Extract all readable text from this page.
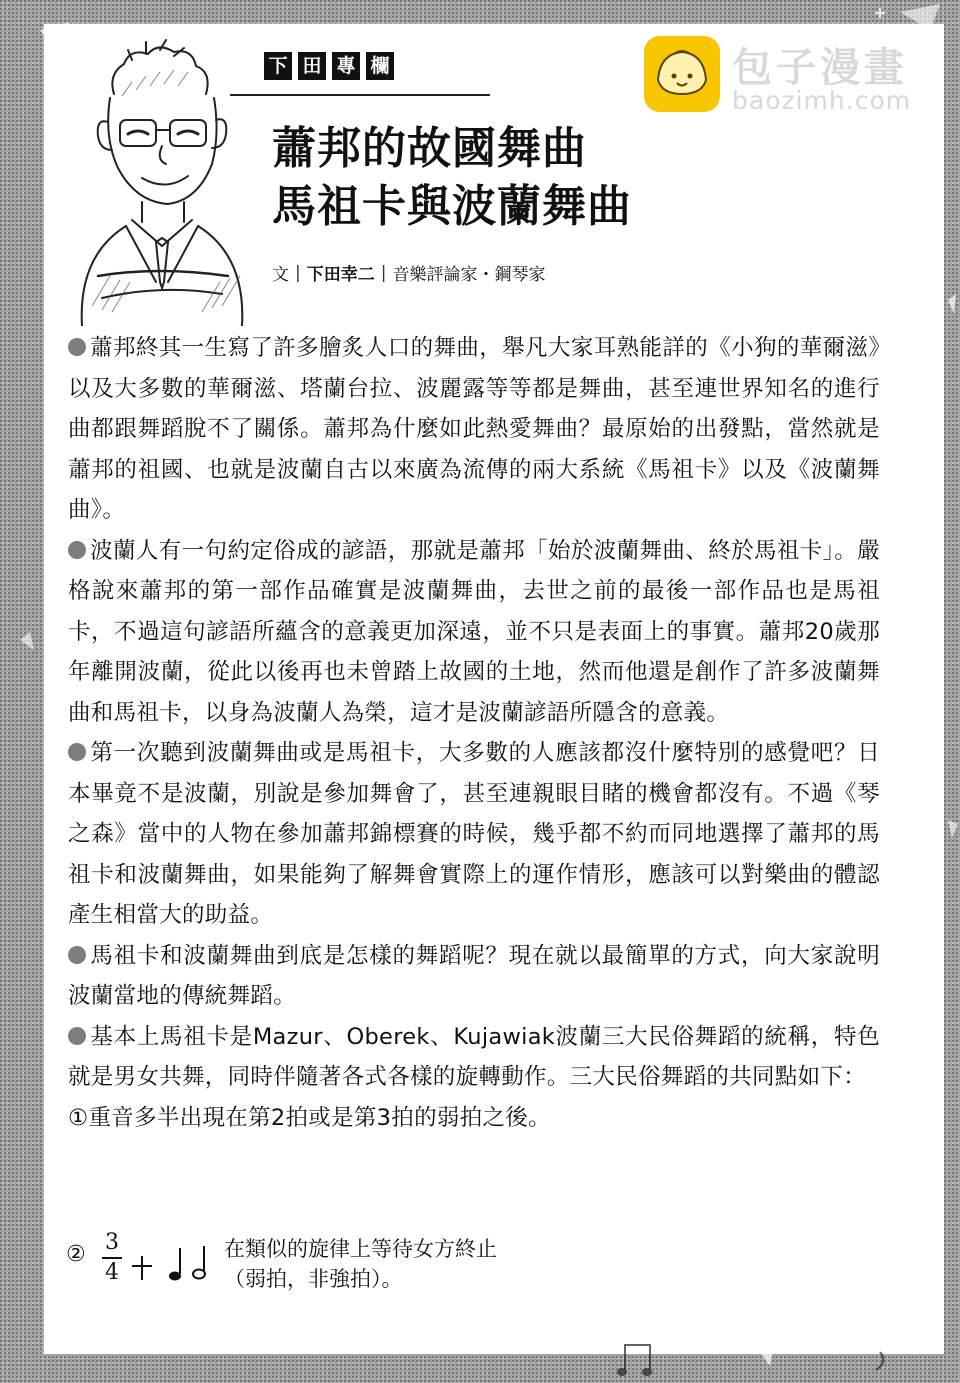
包子漫畫
baozimh.com
下 田 專 欄
蕭邦的故國舞曲
馬祖卡與波蘭舞曲
文 | 下田幸二 | 音樂評論家・鋼琴家

蕭邦終其一生寫了許多膾炙人口的舞曲，舉凡大家耳熟能詳的《小狗的華爾滋》以及大多數的華爾滋、塔蘭台拉、波麗露等等都是舞曲，甚至連世界知名的進行曲都跟舞蹈脫不了關係。蕭邦為什麼如此熱愛舞曲？最原始的出發點，當然就是蕭邦的祖國、也就是波蘭自古以來廣為流傳的兩大系統《馬祖卡》以及《波蘭舞曲》。

波蘭人有一句約定俗成的諺語，那就是蕭邦「始於波蘭舞曲、終於馬祖卡」。嚴格說來蕭邦的第一部作品確實是波蘭舞曲，去世之前的最後一部作品也是馬祖卡，不過這句諺語所蘊含的意義更加深遠，並不只是表面上的事實。蕭邦20歲那年離開波蘭，從此以後再也未曾踏上故國的土地，然而他還是創作了許多波蘭舞曲和馬祖卡，以身為波蘭人為榮，這才是波蘭諺語所隱含的意義。

第一次聽到波蘭舞曲或是馬祖卡，大多數的人應該都沒什麼特別的感覺吧？日本畢竟不是波蘭，別說是參加舞會了，甚至連親眼目睹的機會都沒有。不過《琴之森》當中的人物在參加蕭邦錦標賽的時候，幾乎都不約而同地選擇了蕭邦的馬祖卡和波蘭舞曲，如果能夠了解舞會實際上的運作情形，應該可以對樂曲的體認產生相當大的助益。

馬祖卡和波蘭舞曲到底是怎樣的舞蹈呢？現在就以最簡單的方式，向大家說明波蘭當地的傳統舞蹈。

基本上馬祖卡是Mazur、Oberek、Kujawiak波蘭三大民俗舞蹈的統稱，特色就是男女共舞，同時伴隨著各式各樣的旋轉動作。三大民俗舞蹈的共同點如下：

①重音多半出現在第2拍或是第3拍的弱拍之後。

② 3
4
在類似的旋律上等待女方終止
（弱拍，非強拍）。
